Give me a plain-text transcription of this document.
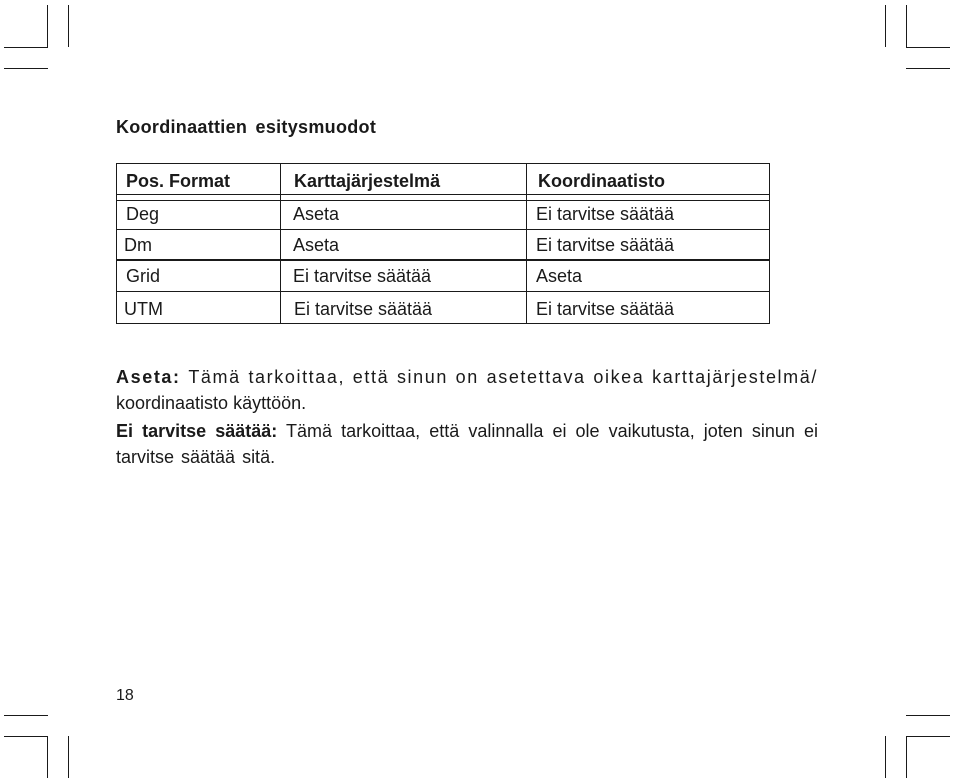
Koordinaattien esitysmuodot
Pos. Format	Karttajärjestelmä	Koordinaatisto
Deg	Aseta	Ei tarvitse säätää
Dm	Aseta	Ei tarvitse säätää
Grid	Ei tarvitse säätää	Aseta
UTM	Ei tarvitse säätää	Ei tarvitse säätää
Aseta: Tämä tarkoittaa, että sinun on asetettava oikea karttajärjestelmä/
koordinaatisto käyttöön.

Ei tarvitse säätää: Tämä tarkoittaa, että valinnalla ei ole vaikutusta, joten sinun ei tarvitse säätää sitä.

18
